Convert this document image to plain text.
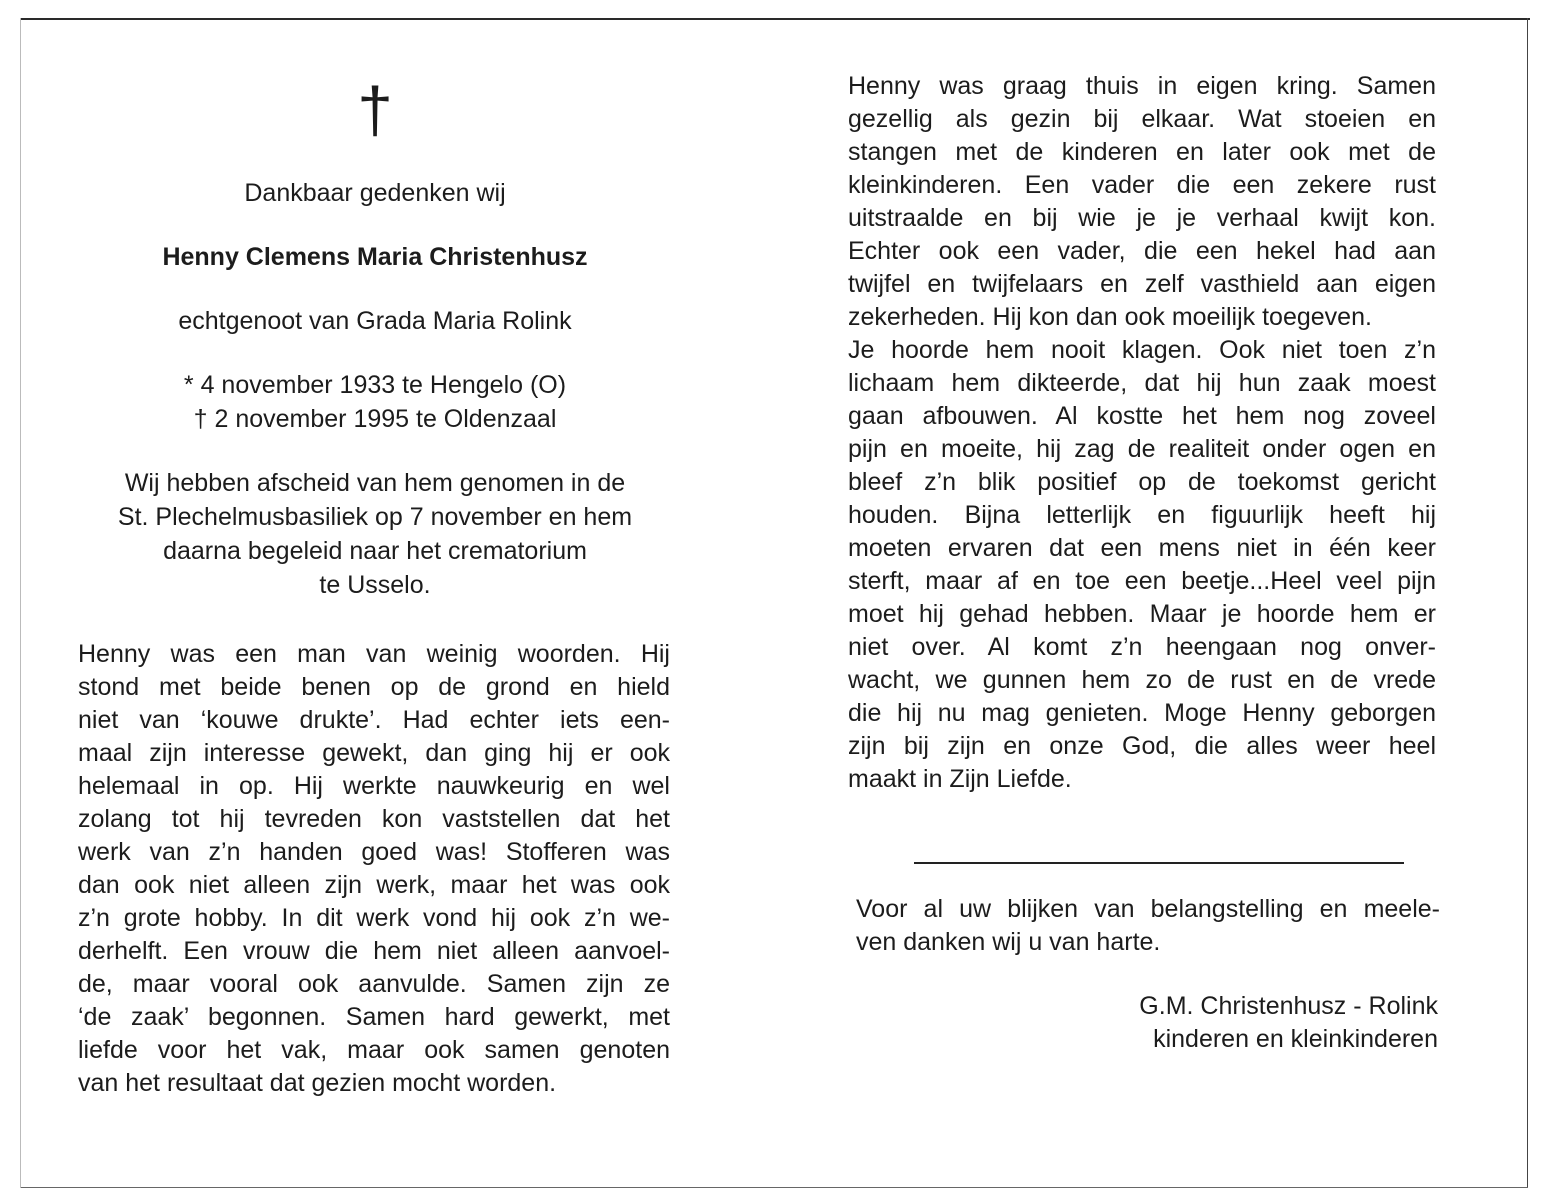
†
Dankbaar gedenken wij
Henny Clemens Maria Christenhusz
echtgenoot van Grada Maria Rolink
* 4 november 1933 te Hengelo (O)
† 2 november 1995 te Oldenzaal
Wij hebben afscheid van hem genomen in de
St. Plechelmusbasiliek op 7 november en hem
daarna begeleid naar het crematorium
te Usselo.
Henny was een man van weinig woorden. Hij
stond met beide benen op de grond en hield
niet van ‘kouwe drukte’. Had echter iets een-
maal zijn interesse gewekt, dan ging hij er ook
helemaal in op. Hij werkte nauwkeurig en wel
zolang tot hij tevreden kon vaststellen dat het
werk van z’n handen goed was! Stofferen was
dan ook niet alleen zijn werk, maar het was ook
z’n grote hobby. In dit werk vond hij ook z’n we-
derhelft. Een vrouw die hem niet alleen aanvoel-
de, maar vooral ook aanvulde. Samen zijn ze
‘de zaak’ begonnen. Samen hard gewerkt, met
liefde voor het vak, maar ook samen genoten
van het resultaat dat gezien mocht worden.
Henny was graag thuis in eigen kring. Samen
gezellig als gezin bij elkaar. Wat stoeien en
stangen met de kinderen en later ook met de
kleinkinderen. Een vader die een zekere rust
uitstraalde en bij wie je je verhaal kwijt kon.
Echter ook een vader, die een hekel had aan
twijfel en twijfelaars en zelf vasthield aan eigen
zekerheden. Hij kon dan ook moeilijk toegeven.
Je hoorde hem nooit klagen. Ook niet toen z’n
lichaam hem dikteerde, dat hij hun zaak moest
gaan afbouwen. Al kostte het hem nog zoveel
pijn en moeite, hij zag de realiteit onder ogen en
bleef z’n blik positief op de toekomst gericht
houden. Bijna letterlijk en figuurlijk heeft hij
moeten ervaren dat een mens niet in één keer
sterft, maar af en toe een beetje...Heel veel pijn
moet hij gehad hebben. Maar je hoorde hem er
niet over. Al komt z’n heengaan nog onver-
wacht, we gunnen hem zo de rust en de vrede
die hij nu mag genieten. Moge Henny geborgen
zijn bij zijn en onze God, die alles weer heel
maakt in Zijn Liefde.
Voor al uw blijken van belangstelling en meele-
ven danken wij u van harte.
G.M. Christenhusz - Rolink
kinderen en kleinkinderen
